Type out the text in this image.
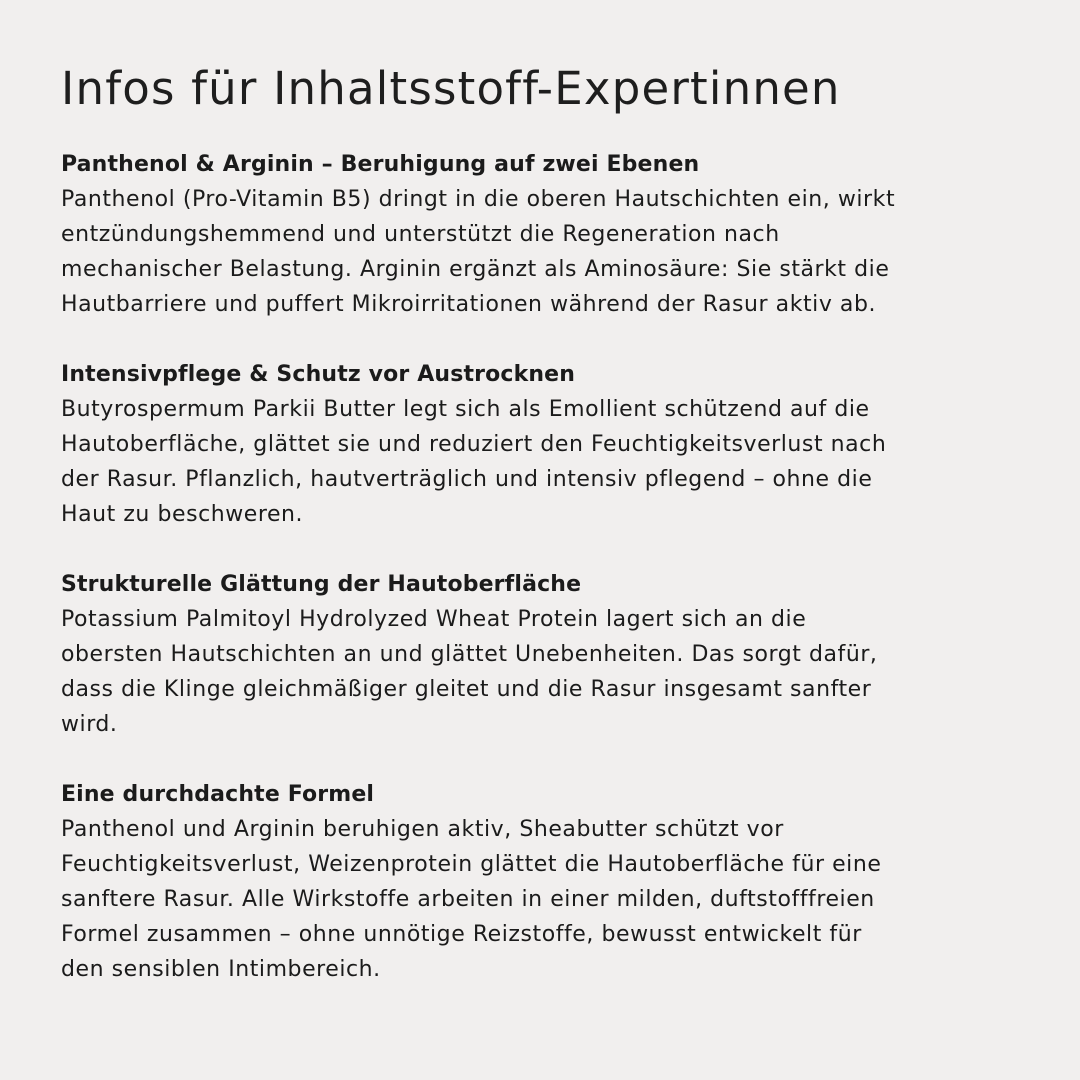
Infos für Inhaltsstoff-Expertinnen
Panthenol & Arginin – Beruhigung auf zwei Ebenen
Panthenol (Pro-Vitamin B5) dringt in die oberen Hautschichten ein, wirkt
entzündungshemmend und unterstützt die Regeneration nach
mechanischer Belastung. Arginin ergänzt als Aminosäure: Sie stärkt die
Hautbarriere und puffert Mikroirritationen während der Rasur aktiv ab.
Intensivpflege & Schutz vor Austrocknen
Butyrospermum Parkii Butter legt sich als Emollient schützend auf die
Hautoberfläche, glättet sie und reduziert den Feuchtigkeitsverlust nach
der Rasur. Pflanzlich, hautverträglich und intensiv pflegend – ohne die
Haut zu beschweren.
Strukturelle Glättung der Hautoberfläche
Potassium Palmitoyl Hydrolyzed Wheat Protein lagert sich an die
obersten Hautschichten an und glättet Unebenheiten. Das sorgt dafür,
dass die Klinge gleichmäßiger gleitet und die Rasur insgesamt sanfter
wird.
Eine durchdachte Formel
Panthenol und Arginin beruhigen aktiv, Sheabutter schützt vor
Feuchtigkeitsverlust, Weizenprotein glättet die Hautoberfläche für eine
sanftere Rasur. Alle Wirkstoffe arbeiten in einer milden, duftstofffreien
Formel zusammen – ohne unnötige Reizstoffe, bewusst entwickelt für
den sensiblen Intimbereich.
